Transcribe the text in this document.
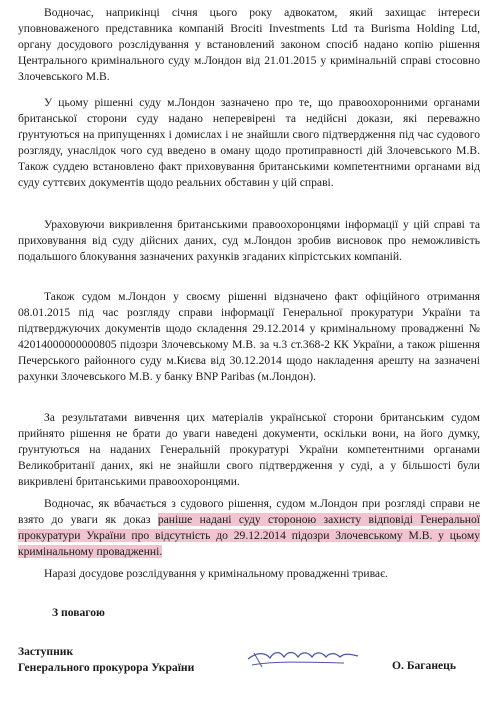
Водночас, наприкінці січня цього року адвокатом, який захищає інтереси уповноваженого представника компаній Brociti Investments Ltd та Burisma Holding Ltd, органу досудового розслідування у встановлений законом спосіб надано копію рішення Центрального кримінального суду м.Лондон від 21.01.2015 у кримінальній справі стосовно Злочевського М.В.

У цьому рішенні суду м.Лондон зазначено про те, що правоохоронними органами британської сторони суду надано неперевірені та недійсні докази, які переважно ґрунтуються на припущеннях і домислах і не знайшли свого підтвердження під час судового розгляду, унаслідок чого суд введено в оману щодо протиправності дій Злочевського М.В. Також суддею встановлено факт приховування британськими компетентними органами від суду суттєвих документів щодо реальних обставин у цій справі.

Ураховуючи викривлення британськими правоохоронцями інформації у цій справі та приховування від суду дійсних даних, суд м.Лондон зробив висновок про неможливість подальшого блокування зазначених рахунків згаданих кіпрістських компаній.

Також судом м.Лондон у своєму рішенні відзначено факт офіційного отримання 08.01.2015 під час розгляду справи інформації Генеральної прокуратури України та підтверджуючих документів щодо складення 29.12.2014 у кримінальному провадженні № 42014000000000805 підозри Злочевському М.В. за ч.3 ст.368-2 КК України, а також рішення Печерського районного суду м.Києва від 30.12.2014 щодо накладення арешту на зазначені рахунки Злочевського М.В. у банку BNP Paribas (м.Лондон).

За результатами вивчення цих матеріалів української сторони британським судом прийнято рішення не брати до уваги наведені документи, оскільки вони, на його думку, ґрунтуються на наданих Генеральній прокуратурі України компетентними органами Великобританії даних, які не знайшли свого підтвердження у суді, а у більшості були викривлені британськими правоохоронцями.

Водночас, як вбачається з судового рішення, судом м.Лондон при розгляді справи не взято до уваги як доказ раніше надані суду стороною захисту відповіді Генеральної прокуратури України про відсутність до 29.12.2014 підозри Злочевському М.В. у цьому кримінальному провадженні.

Наразі досудове розслідування у кримінальному провадженні триває.

З повагою
Заступник
Генерального прокурора України	О. Баганець
